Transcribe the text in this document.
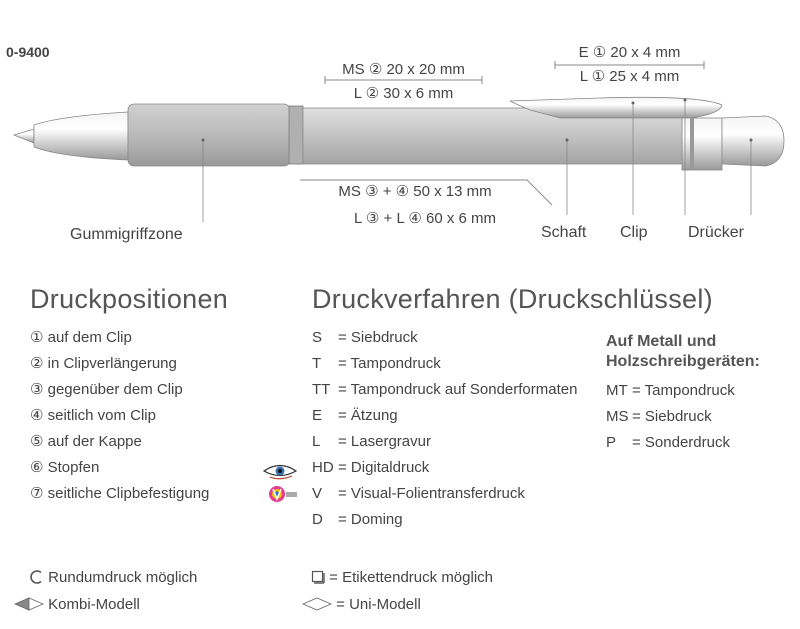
0-9400
MS ② 20 x 20 mm
L ② 30 x 6 mm
E ① 20 x 4 mm
L ① 25 x 4 mm
MS ③ + ④ 50 x 13 mm
L ③ + L ④ 60 x 6 mm
Gummigriffzone	Schaft Clip	Drücker
Druckpositionen
① auf dem Clip
② in Clipverlängerung
③ gegenüber dem Clip
④ seitlich vom Clip
⑤ auf der Kappe
⑥ Stopfen
⑦ seitliche Clipbefestigung
Druckverfahren (Druckschlüssel)
S = Siebdruck
T = Tampondruck
TT = Tampondruck auf Sonderformaten
E = Ätzung
L = Lasergravur
HD = Digitaldruck
V = Visual-Folientransferdruck
D = Doming
Auf Metall und
Holzschreibgeräten:
MT = Tampondruck
MS = Siebdruck
P = Sonderdruck
Rundumdruck möglich
Kombi-Modell
= Etikettendruck möglich
= Uni-Modell
